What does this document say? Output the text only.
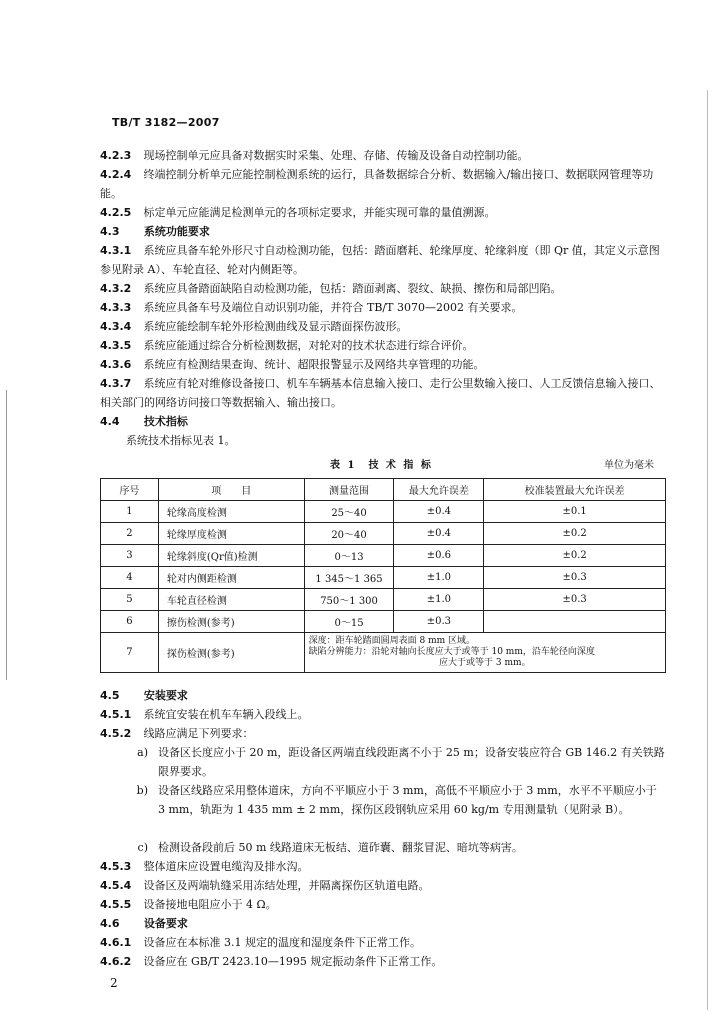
TB/T 3182—2007
4.2.3 现场控制单元应具备对数据实时采集、处理、存储、传输及设备自动控制功能。
4.2.4 终端控制分析单元应能控制检测系统的运行，具备数据综合分析、数据输入/输出接口、数据联网管理等功能。
4.2.5 标定单元应能满足检测单元的各项标定要求，并能实现可靠的量值溯源。
4.3 系统功能要求
4.3.1 系统应具备车轮外形尺寸自动检测功能，包括：踏面磨耗、轮缘厚度、轮缘斜度（即 Qr 值，其定义示意图参见附录 A）、车轮直径、轮对内侧距等。
4.3.2 系统应具备踏面缺陷自动检测功能，包括：踏面剥离、裂纹、缺损、擦伤和局部凹陷。
4.3.3 系统应具备车号及端位自动识别功能，并符合 TB/T 3070—2002 有关要求。
4.3.4 系统应能绘制车轮外形检测曲线及显示踏面探伤波形。
4.3.5 系统应能通过综合分析检测数据，对轮对的技术状态进行综合评价。
4.3.6 系统应有检测结果查询、统计、超限报警显示及网络共享管理的功能。
4.3.7 系统应有轮对维修设备接口、机车车辆基本信息输入接口、走行公里数输入接口、人工反馈信息输入接口、相关部门的网络访问接口等数据输入、输出接口。
4.4 技术指标
系统技术指标见表 1。
表 1　技 术 指 标	单位为毫米
序号	项　　目	测量范围	最大允许误差	校准装置最大允许误差
1	轮缘高度检测	25～40	±0.4	±0.1
2	轮缘厚度检测	20～40	±0.4	±0.2
3	轮缘斜度(Qr值)检测	0～13	±0.6	±0.2
4	轮对内侧距检测	1 345～1 365	±1.0	±0.3
5	车轮直径检测	750～1 300	±1.0	±0.3
6	擦伤检测(参考)	0～15	±0.3	
7	探伤检测(参考)	深度：距车轮踏面圆周表面 8 mm 区域。
缺陷分辨能力：沿轮对轴向长度应大于或等于 10 mm，沿车轮径向深度
应大于或等于 3 mm。		
4.5 安装要求
4.5.1 系统宜安装在机车车辆入段线上。
4.5.2 线路应满足下列要求：
a) 设备区长度应小于 20 m，距设备区两端直线段距离不小于 25 m；设备安装应符合 GB 146.2 有关铁路限界要求。
b) 设备区线路应采用整体道床，方向不平顺应小于 3 mm，高低不平顺应小于 3 mm，水平不平顺应小于 3 mm，轨距为 1 435 mm ± 2 mm，探伤区段钢轨应采用 60 kg/m 专用测量轨（见附录 B）。
c) 检测设备段前后 50 m 线路道床无板结、道砟囊、翻浆冒泥、暗坑等病害。
4.5.3 整体道床应设置电缆沟及排水沟。
4.5.4 设备区及两端轨缝采用冻结处理，并隔离探伤区轨道电路。
4.5.5 设备接地电阻应小于 4 Ω。
4.6 设备要求
4.6.1 设备应在本标准 3.1 规定的温度和湿度条件下正常工作。
4.6.2 设备应在 GB/T 2423.10—1995 规定振动条件下正常工作。
2
